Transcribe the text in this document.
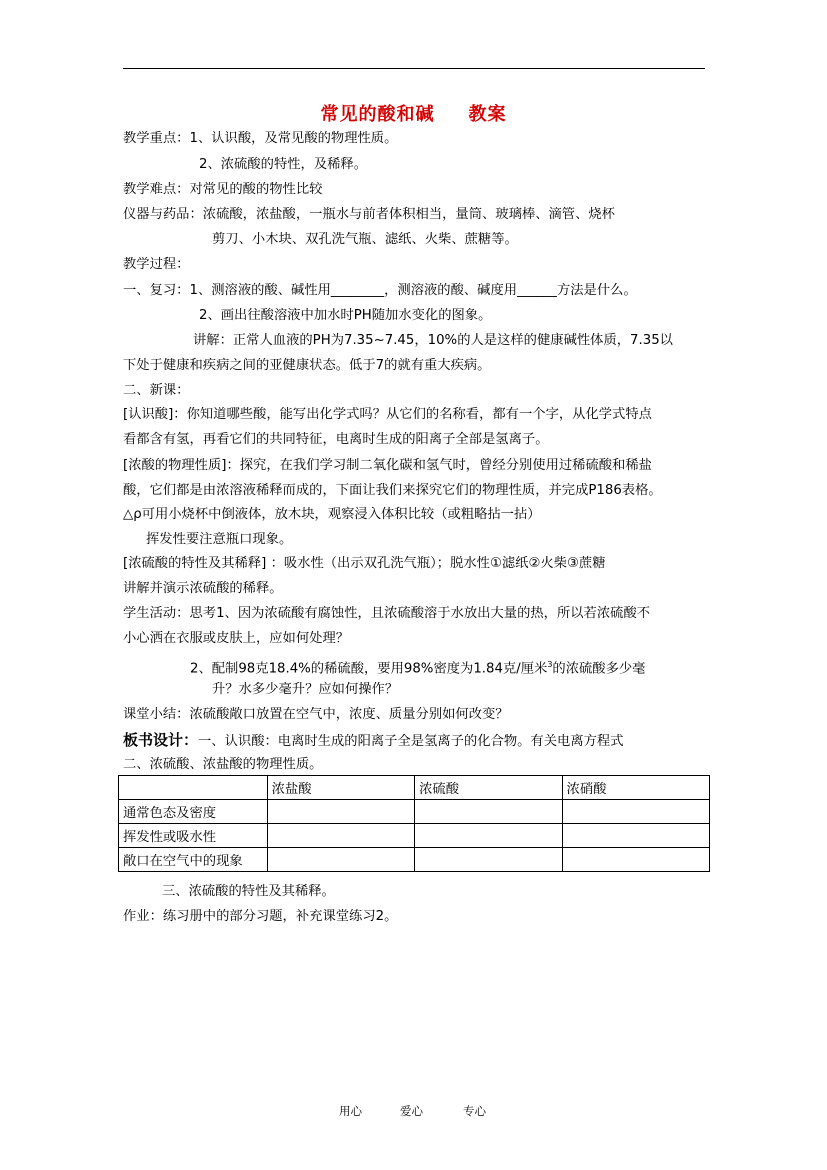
常见的酸和碱 教案
教学重点：1、认识酸，及常见酸的物理性质。
2、浓硫酸的特性，及稀释。
教学难点：对常见的酸的物性比较
仪器与药品：浓硫酸，浓盐酸，一瓶水与前者体积相当，量筒、玻璃棒、滴管、烧杯
剪刀、小木块、双孔洗气瓶、滤纸、火柴、蔗糖等。
教学过程：
一、复习：1、测溶液的酸、碱性用________，测溶液的酸、碱度用______方法是什么。
2、画出往酸溶液中加水时PH随加水变化的图象。
讲解：正常人血液的PH为7.35~7.45，10%的人是这样的健康碱性体质，7.35以
下处于健康和疾病之间的亚健康状态。低于7的就有重大疾病。
二、新课：
[认识酸]：你知道哪些酸，能写出化学式吗？从它们的名称看，都有一个字，从化学式特点
看都含有氢，再看它们的共同特征，电离时生成的阳离子全部是氢离子。
[浓酸的物理性质]：探究，在我们学习制二氧化碳和氢气时，曾经分别使用过稀硫酸和稀盐
酸，它们都是由浓溶液稀释而成的，下面让我们来探究它们的物理性质，并完成P186表格。
△ρ可用小烧杯中倒液体，放木块，观察浸入体积比较（或粗略拈一拈）
挥发性要注意瓶口现象。
[浓硫酸的特性及其稀释] ：吸水性（出示双孔洗气瓶）；脱水性①滤纸②火柴③蔗糖
讲解并演示浓硫酸的稀释。
学生活动：思考1、因为浓硫酸有腐蚀性，且浓硫酸溶于水放出大量的热，所以若浓硫酸不
小心洒在衣服或皮肤上，应如何处理？
2、配制98克18.4%的稀硫酸，要用98%密度为1.84克/厘米$^3$的浓硫酸多少毫
升？水多少毫升？应如何操作？
课堂小结：浓硫酸敞口放置在空气中，浓度、质量分别如何改变？
板书设计：一、认识酸：电离时生成的阳离子全是氢离子的化合物。有关电离方程式
二、浓硫酸、浓盐酸的物理性质。
	浓盐酸	浓硫酸	浓硝酸
通常色态及密度			
挥发性或吸水性			
敞口在空气中的现象			
三、浓硫酸的特性及其稀释。
作业：练习册中的部分习题，补充课堂练习2。
用心	爱心	专心
